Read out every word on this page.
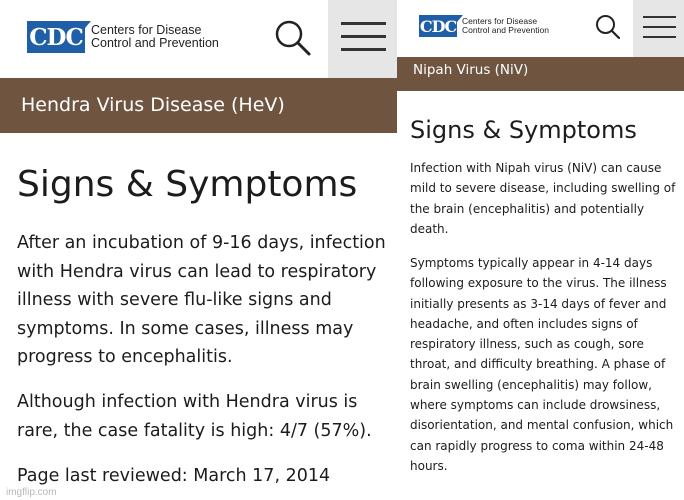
CDC Centers for Disease
Control and Prevention
Hendra Virus Disease (HeV)
Signs & Symptoms
After an incubation of 9-16 days, infection with Hendra virus can lead to respiratory illness with severe flu-like signs and symptoms. In some cases, illness may progress to encephalitis.
Although infection with Hendra virus is rare, the case fatality is high: 4/7 (57%).
Page last reviewed: March 17, 2014
imgflip.com
CDC Centers for Disease
Control and Prevention
Nipah Virus (NiV)
Signs & Symptoms
Infection with Nipah virus (NiV) can cause mild to severe disease, including swelling of the brain (encephalitis) and potentially death.
Symptoms typically appear in 4-14 days following exposure to the virus. The illness initially presents as 3-14 days of fever and headache, and often includes signs of respiratory illness, such as cough, sore throat, and difficulty breathing. A phase of brain swelling (encephalitis) may follow, where symptoms can include drowsiness, disorientation, and mental confusion, which can rapidly progress to coma within 24-48 hours.
